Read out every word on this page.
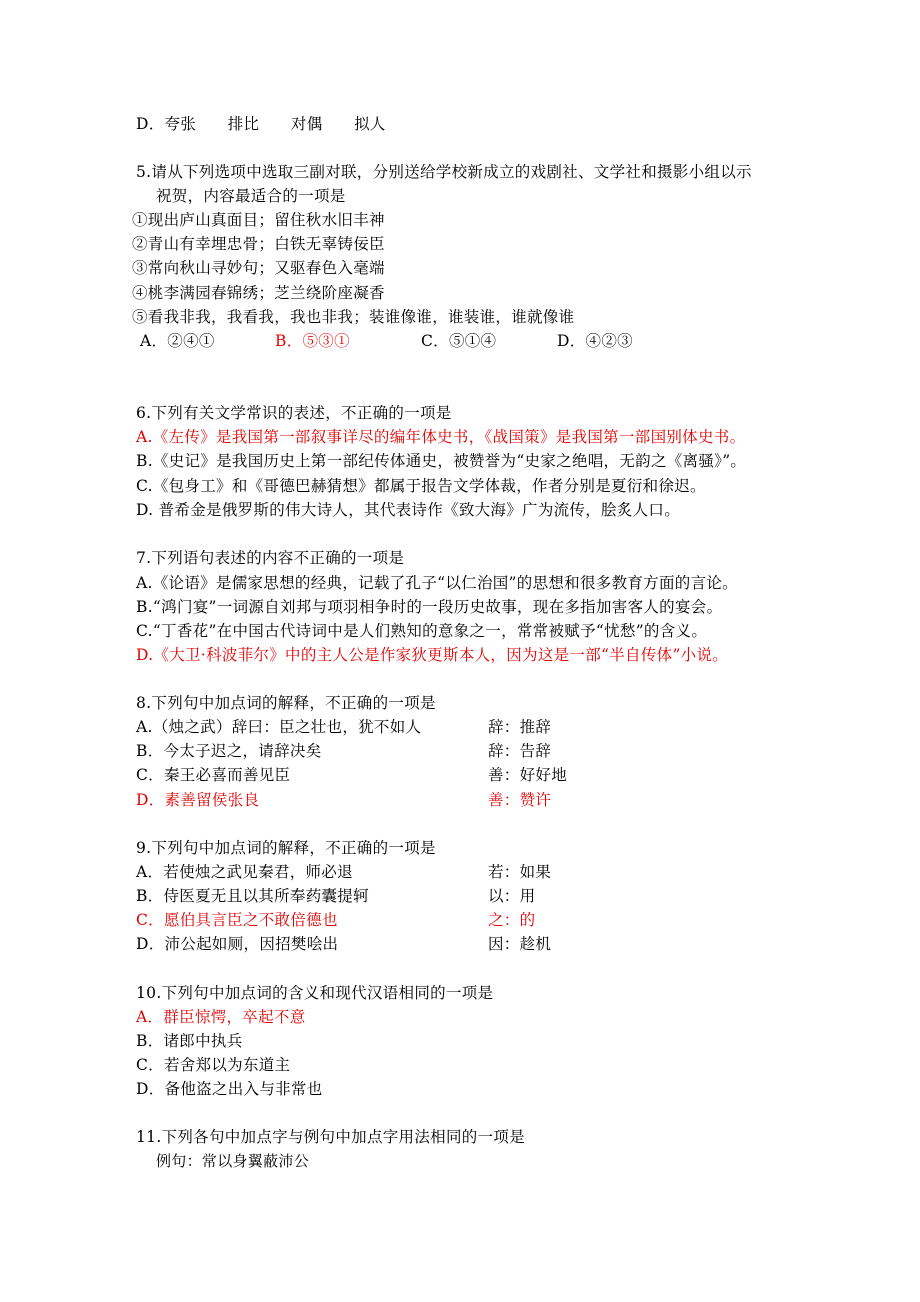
D．夸张　　排比　　对偶　　拟人
5.请从下列选项中选取三副对联，分别送给学校新成立的戏剧社、文学社和摄影小组以示
祝贺，内容最适合的一项是
①现出庐山真面目；留住秋水旧丰神
②青山有幸埋忠骨；白铁无辜铸佞臣
③常向秋山寻妙句；又驱春色入毫端
④桃李满园春锦绣；芝兰绕阶座凝香
⑤看我非我，我看我，我也非我；装谁像谁，谁装谁，谁就像谁
A．②④①	B．⑤③①	C．⑤①④	D．④②③
6.下列有关文学常识的表述，不正确的一项是
A.《左传》是我国第一部叙事详尽的编年体史书，《战国策》是我国第一部国别体史书。
B.《史记》是我国历史上第一部纪传体通史，被赞誉为“史家之绝唱，无韵之《离骚》”。
C.《包身工》和《哥德巴赫猜想》都属于报告文学体裁，作者分别是夏衍和徐迟。
D. 普希金是俄罗斯的伟大诗人，其代表诗作《致大海》广为流传，脍炙人口。
7.下列语句表述的内容不正确的一项是
A.《论语》是儒家思想的经典，记载了孔子“以仁治国”的思想和很多教育方面的言论。
B.“鸿门宴”一词源自刘邦与项羽相争时的一段历史故事，现在多指加害客人的宴会。
C.“丁香花”在中国古代诗词中是人们熟知的意象之一，常常被赋予“忧愁”的含义。
D.《大卫·科波菲尔》中的主人公是作家狄更斯本人，因为这是一部“半自传体”小说。
8.下列句中加点词的解释，不正确的一项是
A.（烛之武）辞曰：臣之壮也，犹不如人	辞：推辞
B．今太子迟之，请辞决矣	辞：告辞
C．秦王必喜而善见臣	善：好好地
D．素善留侯张良	善：赞许
9.下列句中加点词的解释，不正确的一项是
A．若使烛之武见秦君，师必退	若：如果
B．侍医夏无且以其所奉药囊提轲	以：用
C．愿伯具言臣之不敢倍德也	之：的
D．沛公起如厕，因招樊哙出	因：趁机
10.下列句中加点词的含义和现代汉语相同的一项是
A．群臣惊愕，卒起不意
B．诸郎中执兵
C．若舍郑以为东道主
D．备他盗之出入与非常也
11.下列各句中加点字与例句中加点字用法相同的一项是
例句：常以身翼蔽沛公
